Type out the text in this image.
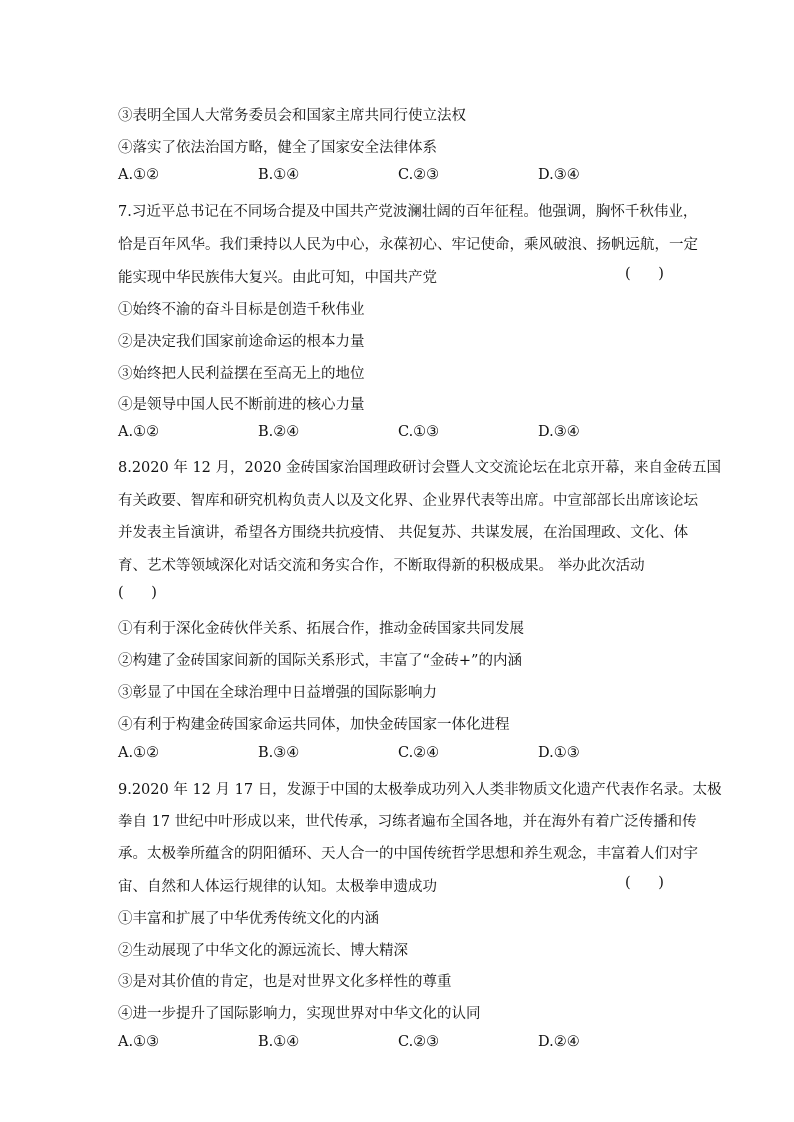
③表明全国人大常务委员会和国家主席共同行使立法权
④落实了依法治国方略，健全了国家安全法律体系
A.①②	B.①④	C.②③	D.③④
7.习近平总书记在不同场合提及中国共产党波澜壮阔的百年征程。他强调，胸怀千秋伟业，
恰是百年风华。我们秉持以人民为中心，永葆初心、牢记使命，乘风破浪、扬帆远航，一定
能实现中华民族伟大复兴。由此可知，中国共产党	(      )
①始终不渝的奋斗目标是创造千秋伟业
②是决定我们国家前途命运的根本力量
③始终把人民利益摆在至高无上的地位
④是领导中国人民不断前进的核心力量
A.①②	B.②④	C.①③	D.③④
8.2020 年 12 月，2020 金砖国家治国理政研讨会暨人文交流论坛在北京开幕，来自金砖五国
有关政要、智库和研究机构负责人以及文化界、企业界代表等出席。中宣部部长出席该论坛
并发表主旨演讲，希望各方围绕共抗疫情、 共促复苏、共谋发展，在治国理政、文化、体
育、艺术等领域深化对话交流和务实合作，不断取得新的积极成果。 举办此次活动
(      )
①有利于深化金砖伙伴关系、拓展合作，推动金砖国家共同发展
②构建了金砖国家间新的国际关系形式，丰富了“金砖+”的内涵
③彰显了中国在全球治理中日益增强的国际影响力
④有利于构建金砖国家命运共同体，加快金砖国家一体化进程
A.①②	B.③④	C.②④	D.①③
9.2020 年 12 月 17 日，发源于中国的太极拳成功列入人类非物质文化遗产代表作名录。太极
拳自 17 世纪中叶形成以来，世代传承，习练者遍布全国各地，并在海外有着广泛传播和传
承。太极拳所蕴含的阴阳循环、天人合一的中国传统哲学思想和养生观念，丰富着人们对宇
宙、自然和人体运行规律的认知。太极拳申遗成功	(      )
①丰富和扩展了中华优秀传统文化的内涵
②生动展现了中华文化的源远流长、博大精深
③是对其价值的肯定，也是对世界文化多样性的尊重
④进一步提升了国际影响力，实现世界对中华文化的认同
A.①③	B.①④	C.②③	D.②④
